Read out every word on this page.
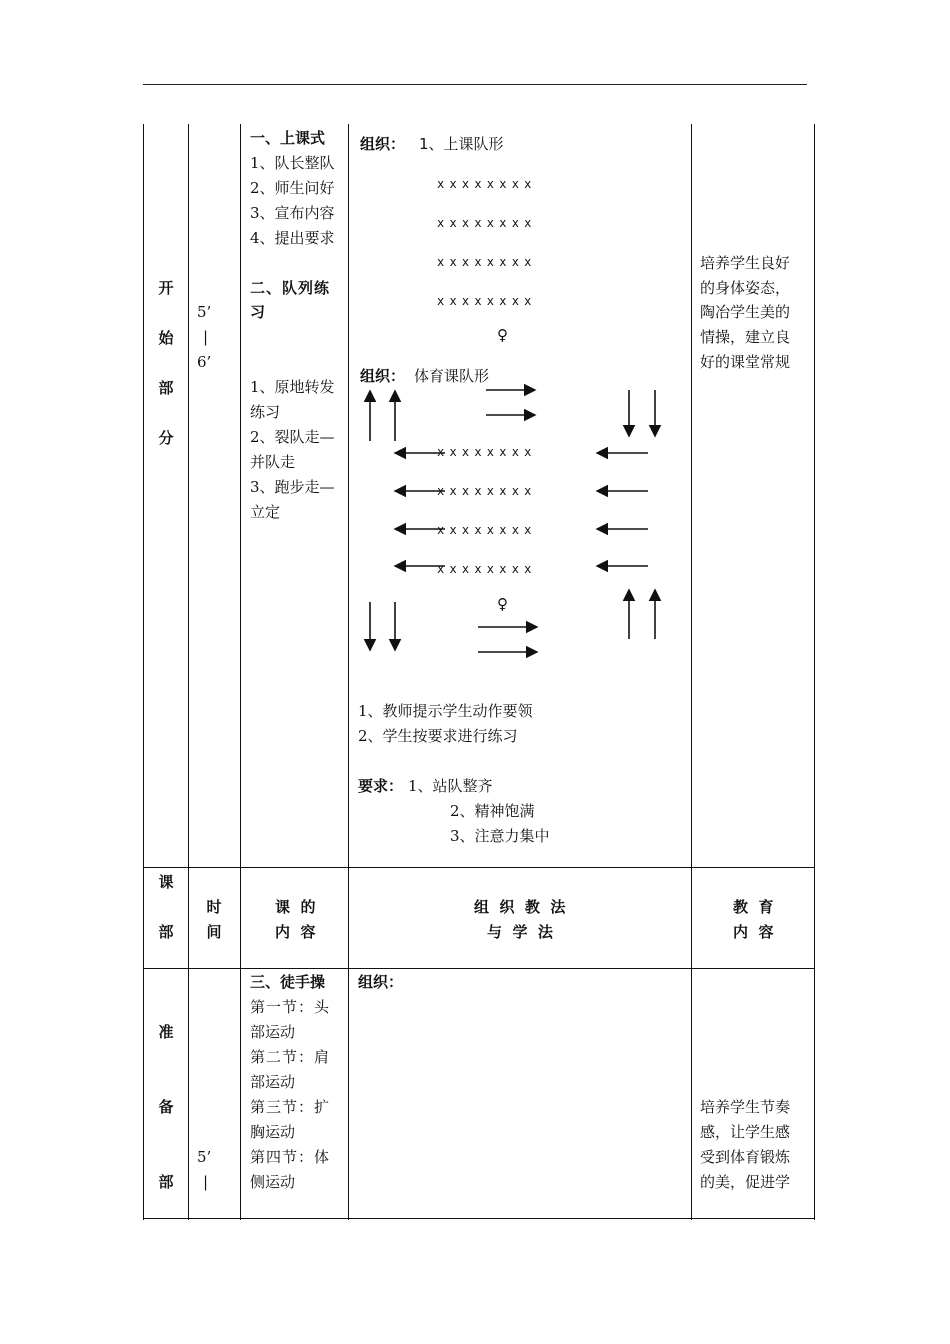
开
始
部
分
5’
|
6’
一、上课式
1、队长整队
2、师生问好
3、宣布内容
4、提出要求
二、队列练
习
1、原地转发
练习
2、裂队走—
并队走
3、跑步走—
立定
组织： 1、上课队形
x x x x x x x x
x x x x x x x x
x x x x x x x x
x x x x x x x x
♀
组织： 体育课队形
x x x x x x x x
x x x x x x x x
x x x x x x x x
x x x x x x x x
♀
1、教师提示学生动作要领
2、学生按要求进行练习
要求： 1、站队整齐
2、精神饱满
3、注意力集中
培养学生良好
的身体姿态，
陶冶学生美的
情操，建立良
好的课堂常规
课
部
时
间
课  的
内  容
组  织  教  法
与  学  法
教  育
内  容
准
备
部
5’
|
三、徒手操
第一节：头
部运动
第二节：肩
部运动
第三节：扩
胸运动
第四节：体
侧运动
组织：
培养学生节奏
感，让学生感
受到体育锻炼
的美，促进学
